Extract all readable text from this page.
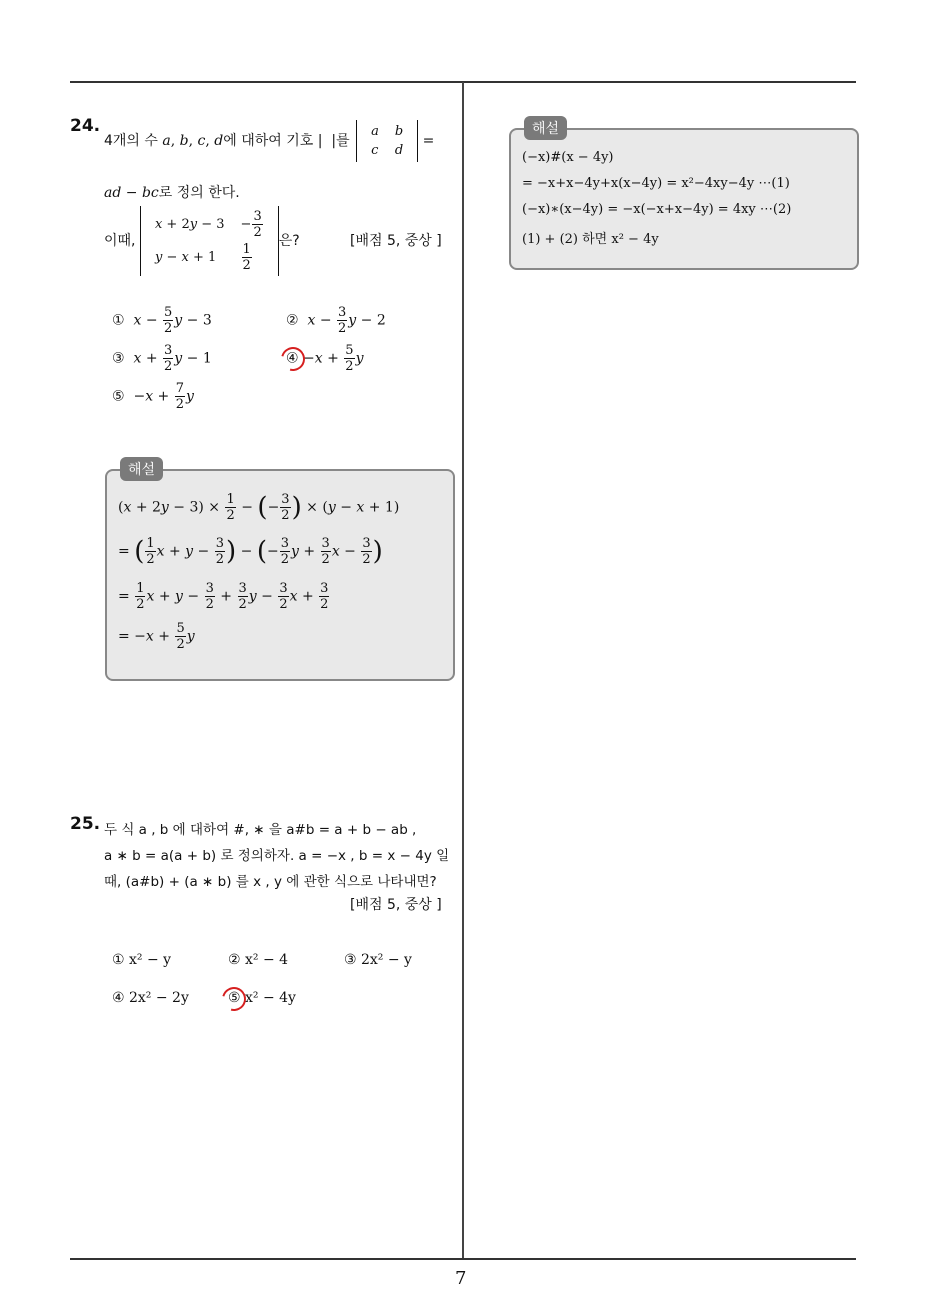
24.
4개의 수 a, b, c, d에 대하여 기호 |  |를
a	b
c	d
=
ad − bc로 정의 한다.
이때,
x + 2y − 3	− $\frac{3}{2}$

y − x + 1	$\frac{1}{2}$
은?	[배점 5, 중상 ]
① $x - \frac{5}{2}$ y − 3	② $x - \frac{3}{2}$ y − 2
③ $x + \frac{3}{2}$ y − 1	④ $-x + \frac{5}{2}$ y
⑤  $-x + \frac{7}{2}$ y
해설
$(x + 2y - 3) \times \frac{1}{2}$ − (− $\frac{3}{2}$ ) × (y − x + 1)
= ( $\frac{1}{2}$ $x + y - \frac{3}{2}$ ) − (− $\frac{3}{2}$ $y + \frac{3}{2}$ $x - \frac{3}{2}$ )
= $\frac{1}{2}$ $x + y - \frac{3}{2} + \frac{3}{2}$ $y - \frac{3}{2}$ $x + \frac{3}{2}$
= $-x + \frac{5}{2}$ y
25. 두 식 a , b 에 대하여 #, ∗ 을 a#b = a + b − ab ,
a ∗ b = a(a + b) 로 정의하자. a = −x , b = x − 4y 일
때, (a#b) + (a ∗ b) 를 x , y 에 관한 식으로 나타내면?
[배점 5, 중상 ]
① x² − y	② x² − 4	③ 2x² − y
④ 2x² − 2y	⑤ x² − 4y
해설
(−x)#(x − 4y)
= −x+x−4y+x(x−4y) = x²−4xy−4y ⋯(1)
(−x)∗(x−4y) = −x(−x+x−4y) = 4xy ⋯(2)
(1) + (2) 하면 x² − 4y
7
